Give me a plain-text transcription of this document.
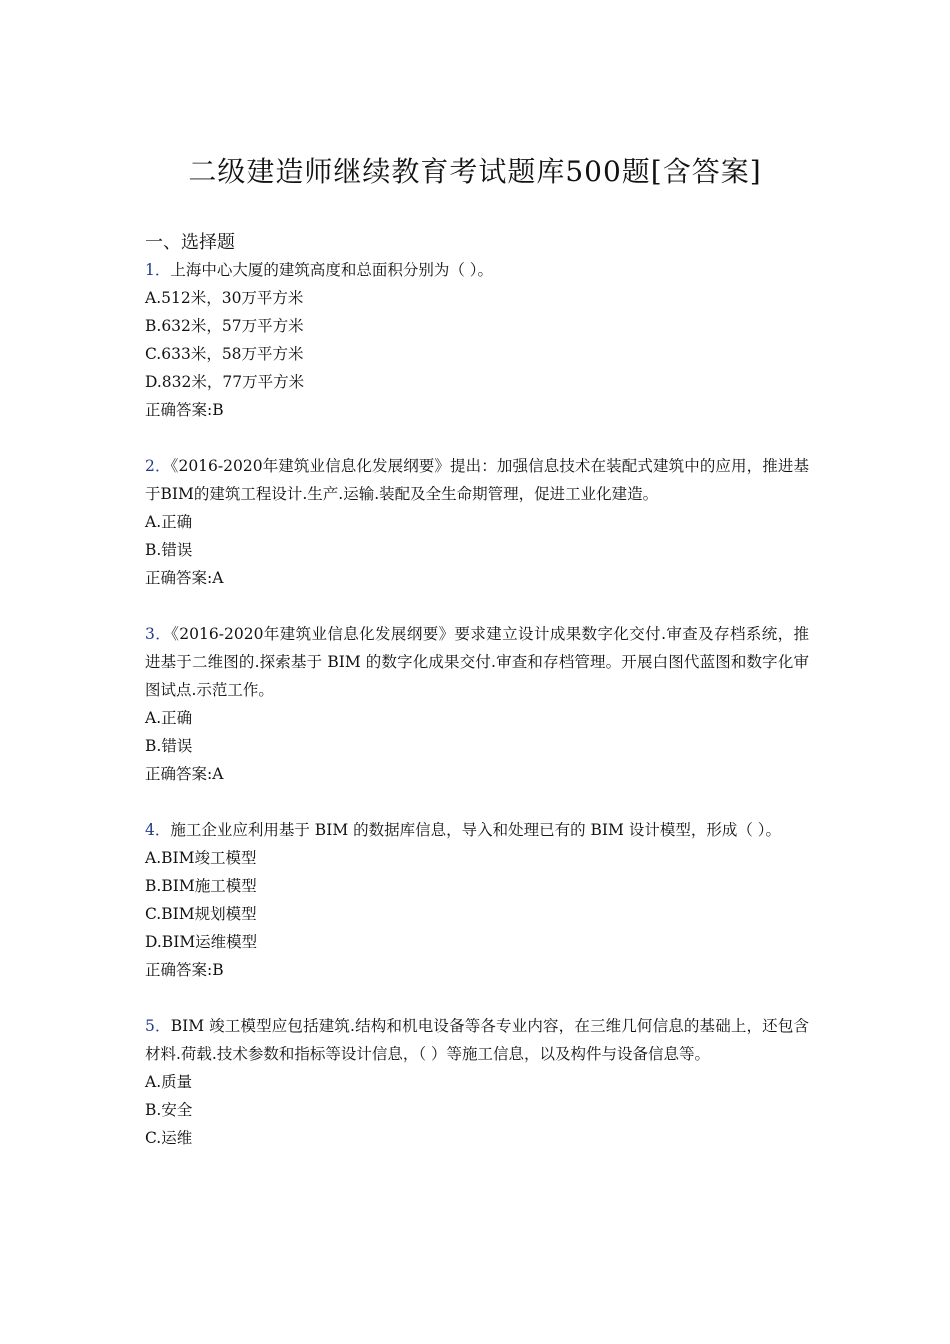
二级建造师继续教育考试题库500题[含答案]
一、选择题
1．上海中心大厦的建筑高度和总面积分别为（ ）。
A.512米，30万平方米
B.632米，57万平方米
C.633米，58万平方米
D.832米，77万平方米
正确答案:B
2．《2016-2020年建筑业信息化发展纲要》提出：加强信息技术在装配式建筑中的应用，推进基于BIM的建筑工程设计.生产.运输.装配及全生命期管理，促进工业化建造。
A.正确
B.错误
正确答案:A
3．《2016-2020年建筑业信息化发展纲要》要求建立设计成果数字化交付.审查及存档系统，推进基于二维图的.探索基于 BIM 的数字化成果交付.审查和存档管理。开展白图代蓝图和数字化审图试点.示范工作。
A.正确
B.错误
正确答案:A
4．施工企业应利用基于 BIM 的数据库信息，导入和处理已有的 BIM 设计模型，形成（ ）。
A.BIM竣工模型
B.BIM施工模型
C.BIM规划模型
D.BIM运维模型
正确答案:B
5．BIM 竣工模型应包括建筑.结构和机电设备等各专业内容，在三维几何信息的基础上，还包含材料.荷载.技术参数和指标等设计信息，（ ）等施工信息，以及构件与设备信息等。
A.质量
B.安全
C.运维
